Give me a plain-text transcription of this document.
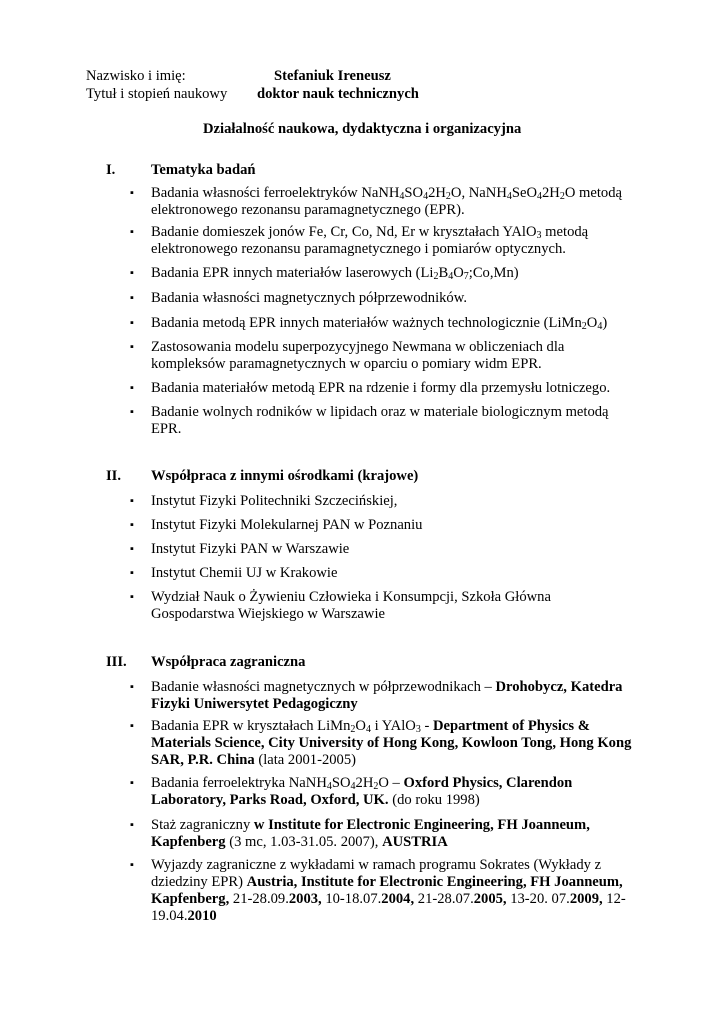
Nazwisko i imię:	Stefaniuk Ireneusz
Tytuł i stopień naukowy doktor nauk technicznych
Działalność naukowa, dydaktyczna i organizacyjna
I. Tematyka badań
▪ Badania własności ferroelektryków $NaNH_4SO_42H_2O$, $NaNH_4SeO_42H_2O$ metodą
elektronowego rezonansu paramagnetycznego (EPR).
▪ Badanie domieszek jonów Fe, Cr, Co, Nd, Er w kryształach YAlO$_3$ metodą
elektronowego rezonansu paramagnetycznego i pomiarów optycznych.
▪ Badania EPR innych materiałów laserowych $(Li_2B_4O_7;Co,Mn)$
▪ Badania własności magnetycznych półprzewodników.
▪ Badania metodą EPR innych materiałów ważnych technologicznie $(LiMn_2O_4)$
▪ Zastosowania modelu superpozycyjnego Newmana w obliczeniach dla
kompleksów paramagnetycznych w oparciu o pomiary widm EPR.
▪ Badania materiałów metodą EPR na rdzenie i formy dla przemysłu lotniczego.
▪ Badanie wolnych rodników w lipidach oraz w materiale biologicznym metodą
EPR.
II. Współpraca z innymi ośrodkami (krajowe)
▪ Instytut Fizyki Politechniki Szczecińskiej,
▪ Instytut Fizyki Molekularnej PAN w Poznaniu
▪ Instytut Fizyki PAN w Warszawie
▪ Instytut Chemii UJ w Krakowie
▪ Wydział Nauk o Żywieniu Człowieka i Konsumpcji, Szkoła Główna
Gospodarstwa Wiejskiego w Warszawie
III. Współpraca zagraniczna
▪ Badanie własności magnetycznych w półprzewodnikach – Drohobycz, Katedra
Fizyki Uniwersytet Pedagogiczny
▪ Badania EPR w kryształach $LiMn_2O_4$ i YAlO$_3$ - Department of Physics &
Materials Science, City University of Hong Kong, Kowloon Tong, Hong Kong
SAR, P.R. China (lata 2001-2005)
▪ Badania ferroelektryka $NaNH_4SO_42H_2O$ – Oxford Physics, Clarendon
Laboratory, Parks Road, Oxford, UK. (do roku 1998)
▪ Staż zagraniczny w Institute for Electronic Engineering, FH Joanneum,
Kapfenberg (3 mc, 1.03-31.05. 2007), AUSTRIA
▪ Wyjazdy zagraniczne z wykładami w ramach programu Sokrates (Wykłady z
dziedziny EPR) Austria, Institute for Electronic Engineering, FH Joanneum,
Kapfenberg, 21-28.09.2003, 10-18.07.2004, 21-28.07.2005, 13-20. 07.2009, 12-
19.04.2010
